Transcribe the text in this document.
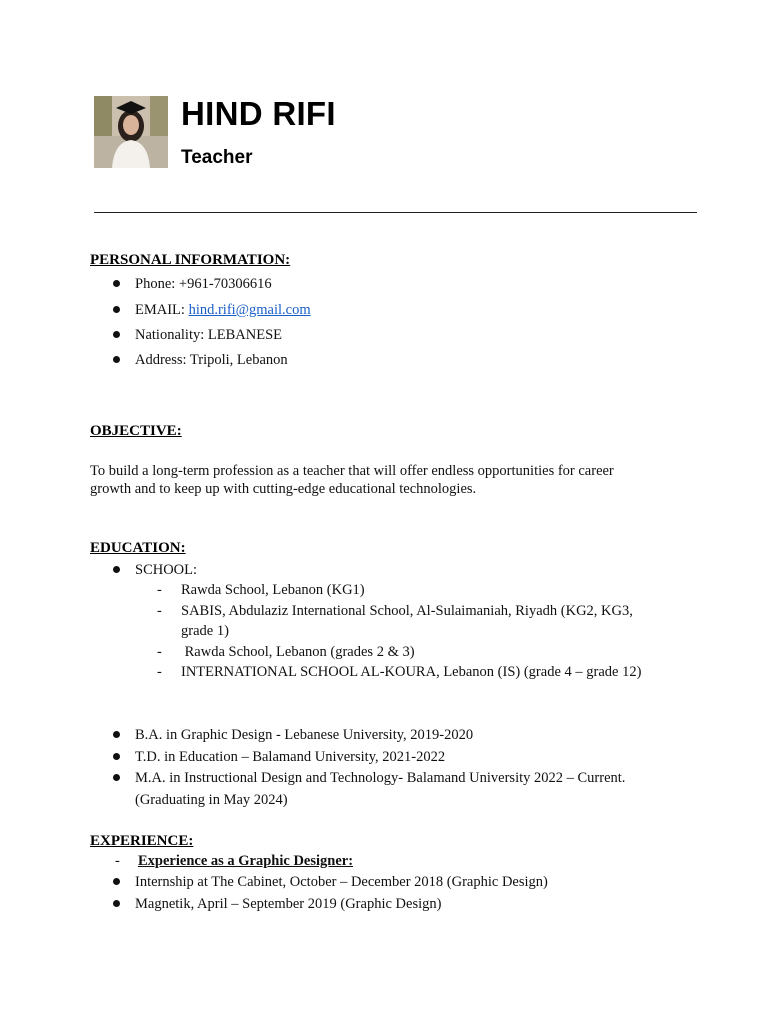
HIND RIFI
Teacher
PERSONAL INFORMATION:
Phone: +961-70306616
EMAIL: hind.rifi@gmail.com
Nationality: LEBANESE
Address: Tripoli, Lebanon
OBJECTIVE:
To build a long-term profession as a teacher that will offer endless opportunities for career
growth and to keep up with cutting-edge educational technologies.
EDUCATION:
SCHOOL:
- Rawda School, Lebanon (KG1)
- SABIS, Abdulaziz International School, Al-Sulaimaniah, Riyadh (KG2, KG3,
grade 1)
- Rawda School, Lebanon (grades 2 & 3)
- INTERNATIONAL SCHOOL AL-KOURA, Lebanon (IS) (grade 4 – grade 12)
B.A. in Graphic Design - Lebanese University, 2019-2020
T.D. in Education – Balamand University, 2021-2022
M.A. in Instructional Design and Technology- Balamand University 2022 – Current.
(Graduating in May 2024)
EXPERIENCE:
- Experience as a Graphic Designer:
Internship at The Cabinet, October – December 2018 (Graphic Design)
Magnetik, April – September 2019 (Graphic Design)
